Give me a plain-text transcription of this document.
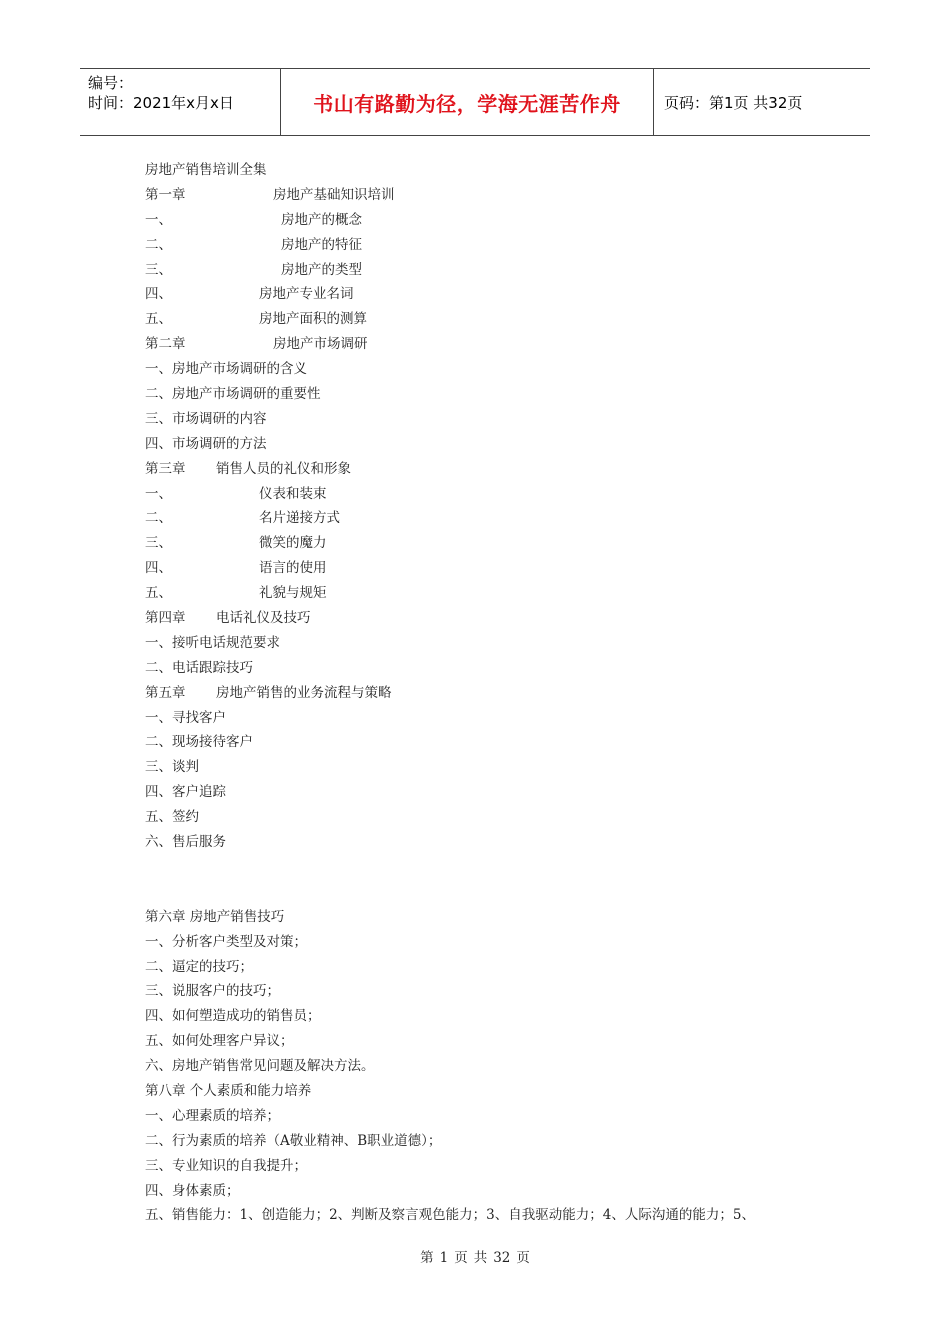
编号：
时间：2021年x月x日	书山有路勤为径，学海无涯苦作舟	页码：第1页 共32页
房地产销售培训全集
第一章	房地产基础知识培训
一、	房地产的概念
二、	房地产的特征
三、	房地产的类型
四、	房地产专业名词
五、	房地产面积的测算
第二章	房地产市场调研
一、房地产市场调研的含义
二、房地产市场调研的重要性
三、市场调研的内容
四、市场调研的方法
第三章 销售人员的礼仪和形象
一、	仪表和装束
二、	名片递接方式
三、	微笑的魔力
四、	语言的使用
五、	礼貌与规矩
第四章 电话礼仪及技巧
一、接听电话规范要求
二、电话跟踪技巧
第五章 房地产销售的业务流程与策略
一、寻找客户
二、现场接待客户
三、谈判
四、客户追踪
五、签约
六、售后服务
第六章 房地产销售技巧
一、分析客户类型及对策；
二、逼定的技巧；
三、说服客户的技巧；
四、如何塑造成功的销售员；
五、如何处理客户异议；
六、房地产销售常见问题及解决方法。
第八章 个人素质和能力培养
一、心理素质的培养；
二、行为素质的培养（A敬业精神、B职业道德）；
三、专业知识的自我提升；
四、身体素质；
五、销售能力：1、创造能力；2、判断及察言观色能力；3、自我驱动能力；4、人际沟通的能力；5、
第 1 页 共 32 页
